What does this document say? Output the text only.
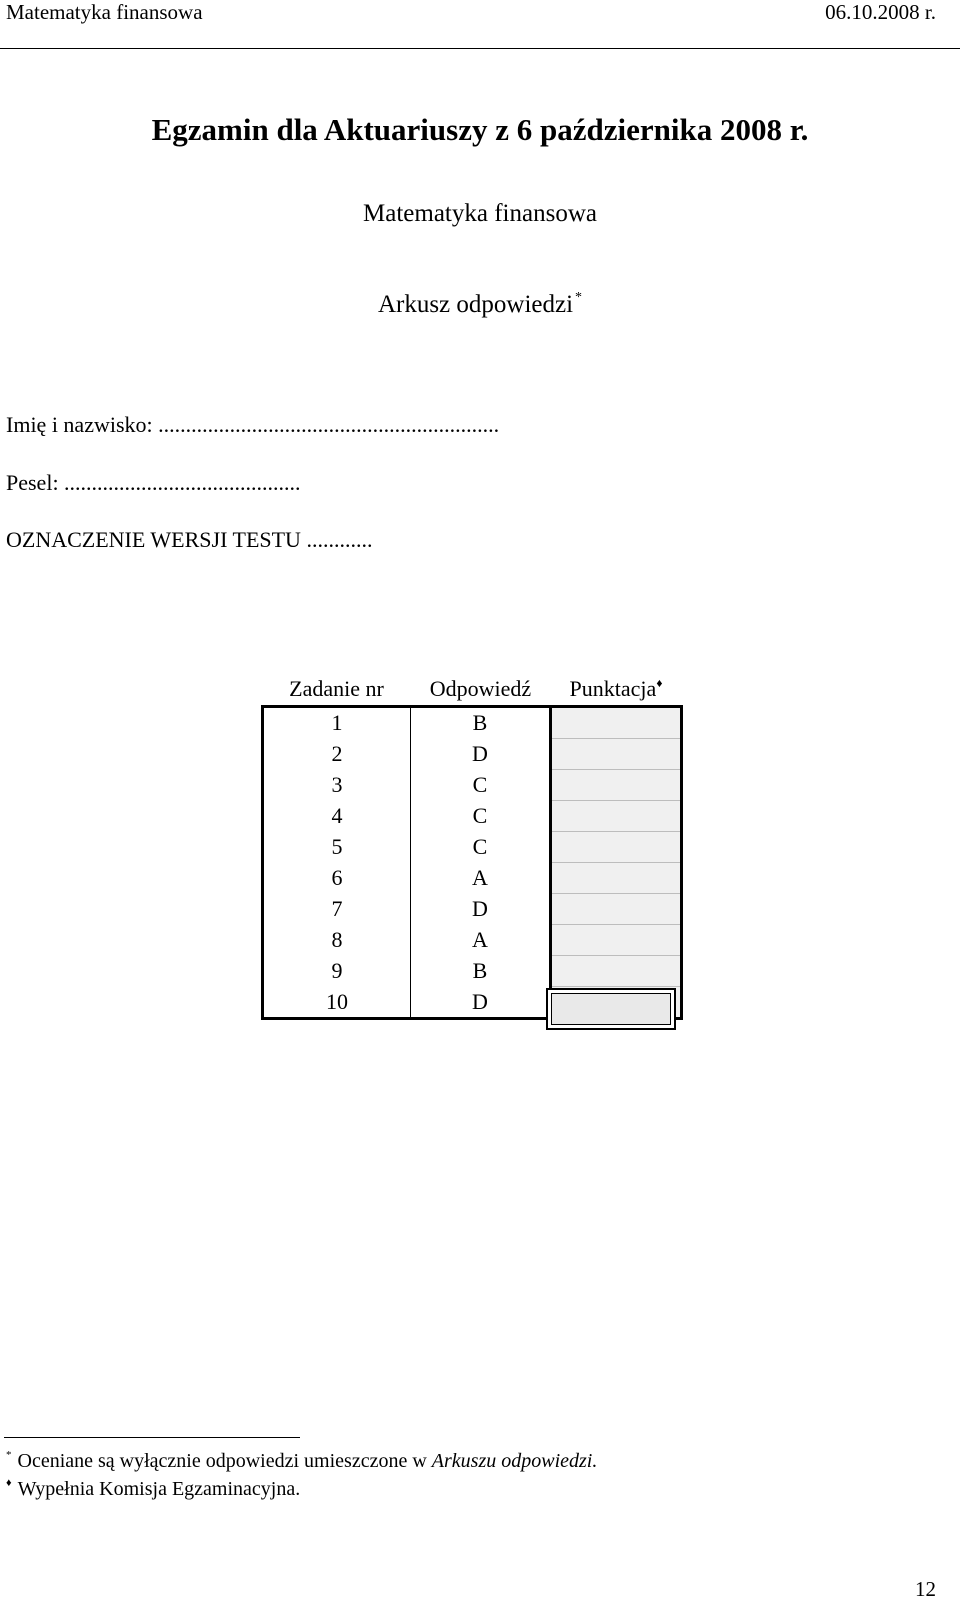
Matematyka finansowa	06.10.2008 r.
Egzamin dla Aktuariuszy z 6 października 2008 r.
Matematyka finansowa
Arkusz odpowiedzi *
Imię i nazwisko: ..............................................................
Pesel: ...........................................
OZNACZENIE WERSJI TESTU ............
Zadanie nr	Odpowiedź	Punktacja♦
1	B	
2	D	
3	C	
4	C	
5	C	
6	A	
7	D	
8	A	
9	B	
10	D	
* Oceniane są wyłącznie odpowiedzi umieszczone w Arkuszu odpowiedzi.
♦ Wypełnia Komisja Egzaminacyjna.
12
